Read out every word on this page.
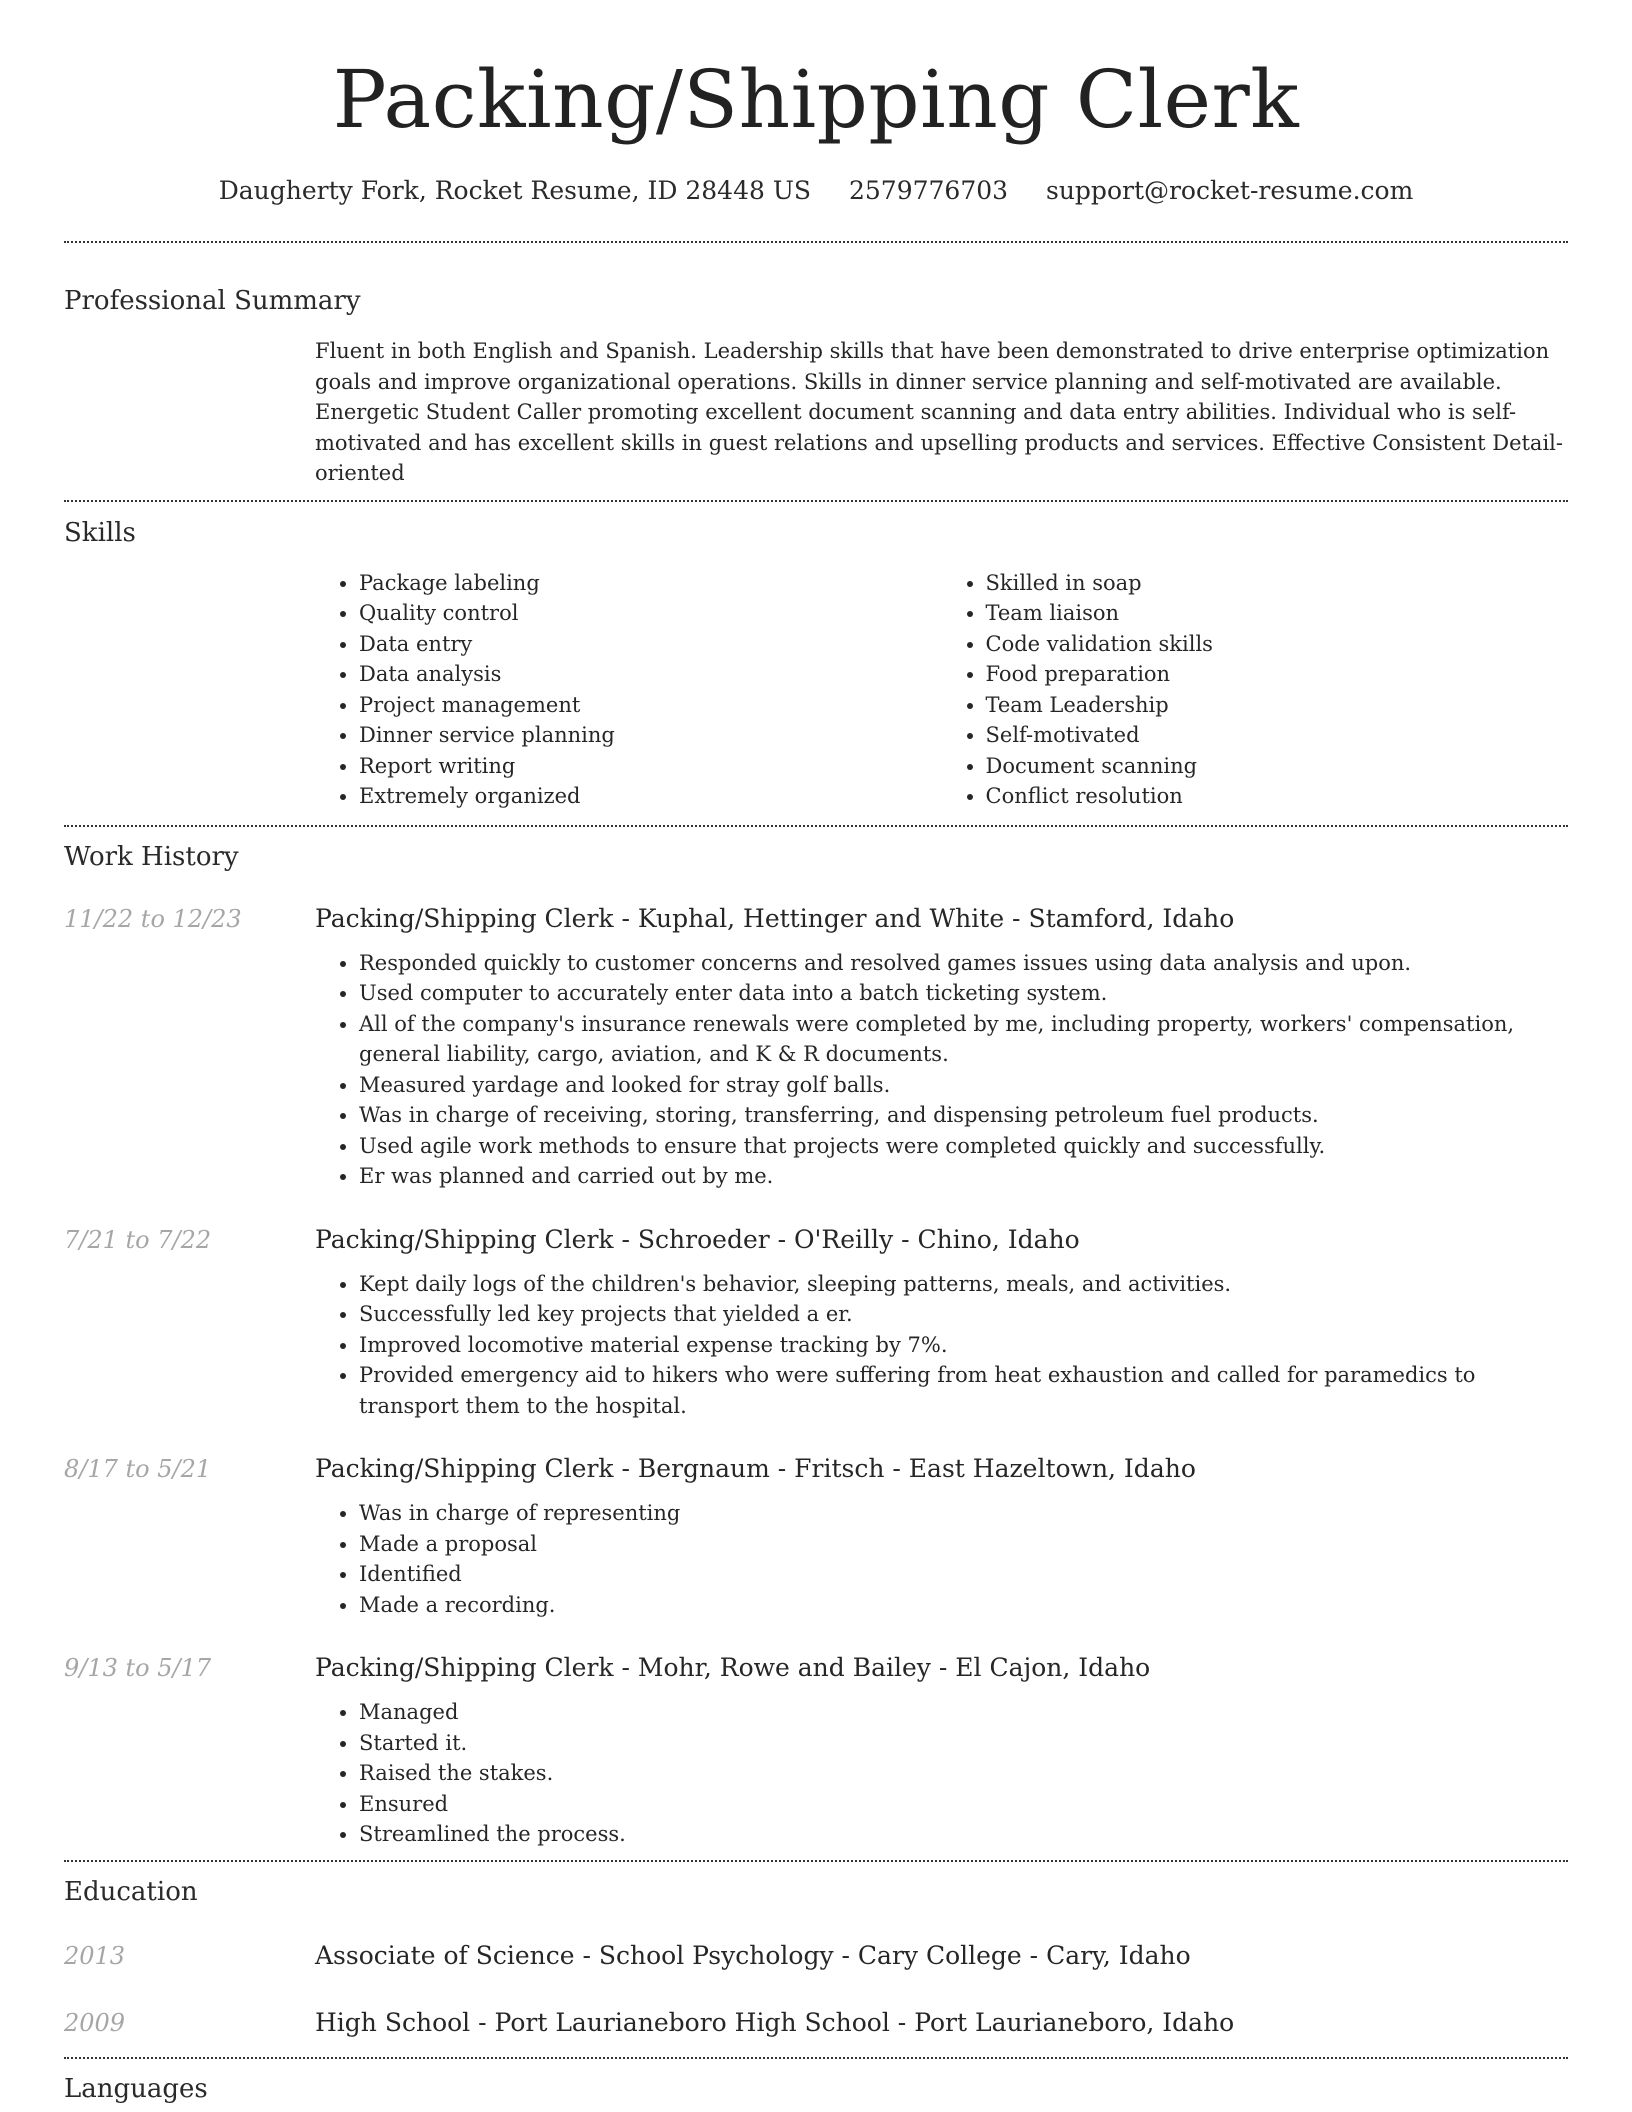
Packing/Shipping Clerk
Daugherty Fork, Rocket Resume, ID 28448 US 2579776703 support@rocket-resume.com
Professional Summary
Fluent in both English and Spanish. Leadership skills that have been demonstrated to drive enterprise optimization goals and improve organizational operations. Skills in dinner service planning and self-motivated are available. Energetic Student Caller promoting excellent document scanning and data entry abilities. Individual who is self-motivated and has excellent skills in guest relations and upselling products and services. Effective Consistent Detail-oriented
Skills
• Package labeling
• Quality control
• Data entry
• Data analysis
• Project management
• Dinner service planning
• Report writing
• Extremely organized
• Skilled in soap
• Team liaison
• Code validation skills
• Food preparation
• Team Leadership
• Self-motivated
• Document scanning
• Conflict resolution
Work History
11/22 to 12/23	Packing/Shipping Clerk - Kuphal, Hettinger and White - Stamford, Idaho
• Responded quickly to customer concerns and resolved games issues using data analysis and upon.
• Used computer to accurately enter data into a batch ticketing system.
• All of the company's insurance renewals were completed by me, including property, workers' compensation, general liability, cargo, aviation, and K & R documents.
• Measured yardage and looked for stray golf balls.
• Was in charge of receiving, storing, transferring, and dispensing petroleum fuel products.
• Used agile work methods to ensure that projects were completed quickly and successfully.
• Er was planned and carried out by me.
7/21 to 7/22	Packing/Shipping Clerk - Schroeder - O'Reilly - Chino, Idaho
• Kept daily logs of the children's behavior, sleeping patterns, meals, and activities.
• Successfully led key projects that yielded a er.
• Improved locomotive material expense tracking by 7%.
• Provided emergency aid to hikers who were suffering from heat exhaustion and called for paramedics to transport them to the hospital.
8/17 to 5/21	Packing/Shipping Clerk - Bergnaum - Fritsch - East Hazeltown, Idaho
• Was in charge of representing
• Made a proposal
• Identified
• Made a recording.
9/13 to 5/17	Packing/Shipping Clerk - Mohr, Rowe and Bailey - El Cajon, Idaho
• Managed
• Started it.
• Raised the stakes.
• Ensured
• Streamlined the process.
Education
2013	Associate of Science - School Psychology - Cary College - Cary, Idaho
2009	High School - Port Laurianeboro High School - Port Laurianeboro, Idaho
Languages
